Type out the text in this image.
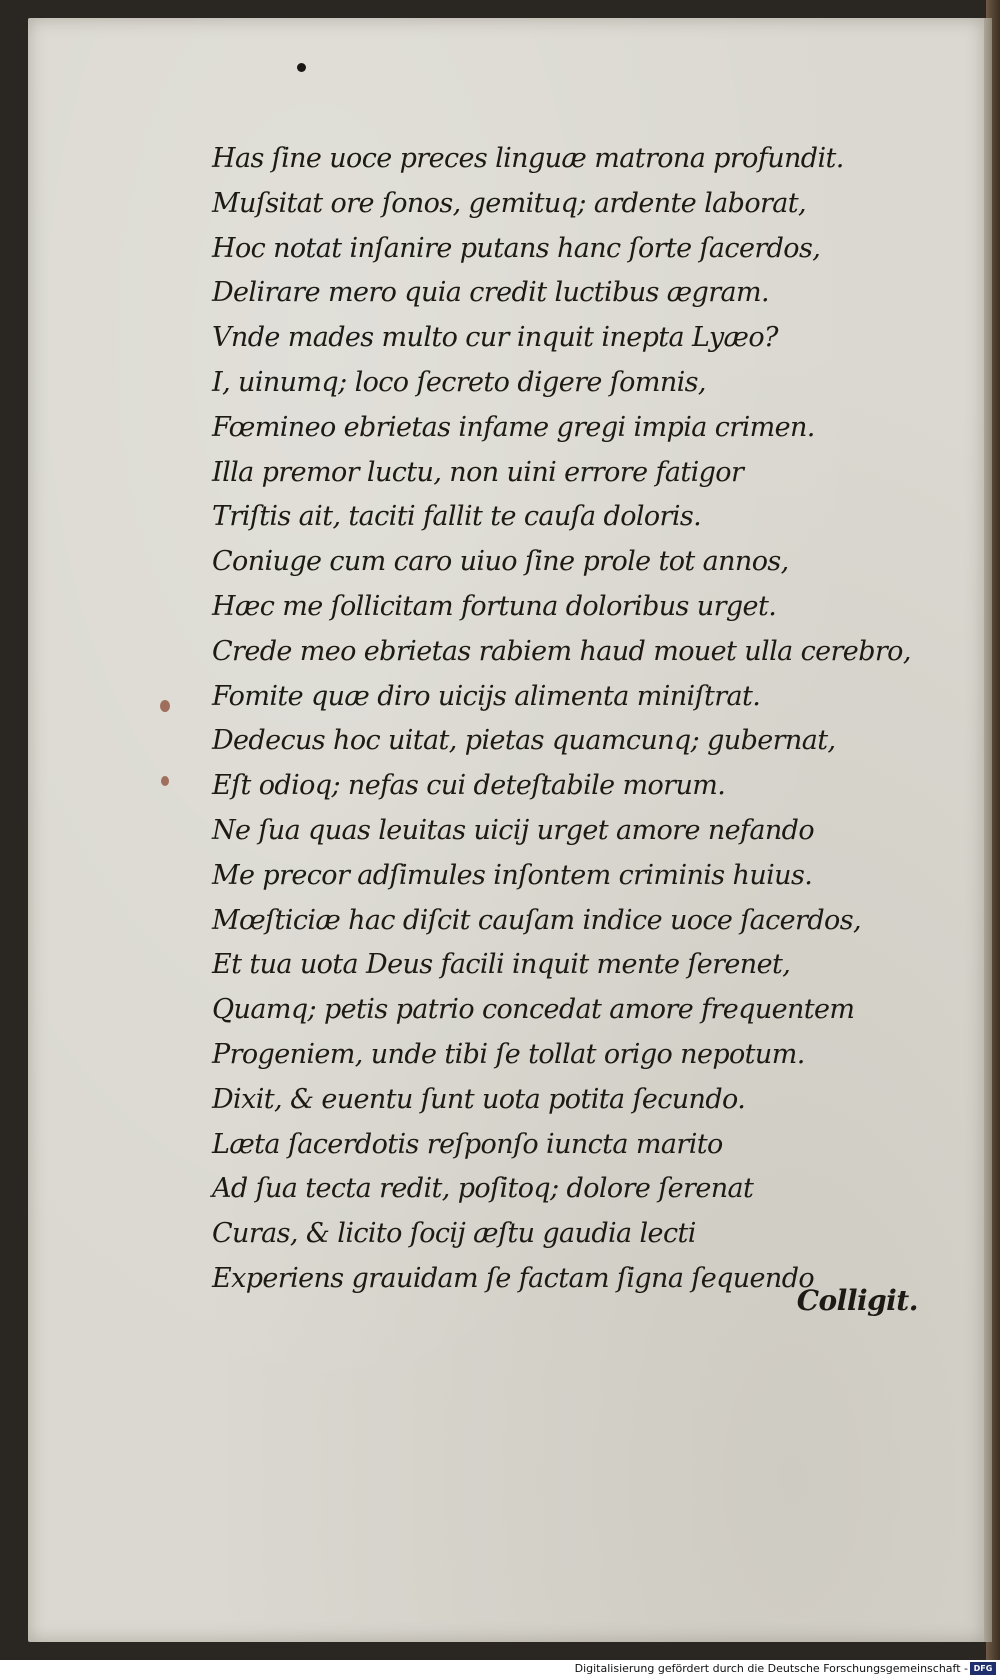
Has ſine uoce preces linguæ matrona profundit.
Muſsitat ore ſonos, gemituq; ardente laborat,
Hoc notat inſanire putans hanc ſorte ſacerdos,
Delirare mero quia credit luctibus ægram.
Vnde mades multo cur inquit inepta Lyæo?
I, uinumq; loco ſecreto digere ſomnis,
Fœmineo ebrietas infame gregi impia crimen.
Illa premor luctu, non uini errore fatigor
Triſtis ait, taciti fallit te cauſa doloris.
Coniuge cum caro uiuo ſine prole tot annos,
Hæc me ſollicitam fortuna doloribus urget.
Crede meo ebrietas rabiem haud mouet ulla cerebro,
Fomite quæ diro uicijs alimenta miniſtrat.
Dedecus hoc uitat, pietas quamcunq; gubernat,
Eſt odioq; nefas cui deteſtabile morum.
Ne ſua quas leuitas uicij urget amore nefando
Me precor adſimules inſontem criminis huius.
Mœſticiæ hac diſcit cauſam indice uoce ſacerdos,
Et tua uota Deus facili inquit mente ſerenet,
Quamq; petis patrio concedat amore frequentem
Progeniem, unde tibi ſe tollat origo nepotum.
Dixit, & euentu ſunt uota potita ſecundo.
Læta ſacerdotis reſponſo iuncta marito
Ad ſua tecta redit, poſitoq; dolore ſerenat
Curas, & licito ſocij æſtu gaudia lecti
Experiens grauidam ſe factam ſigna ſequendo
Colligit.
Digitalisierung gefördert durch die Deutsche Forschungsgemeinschaft - DFG
